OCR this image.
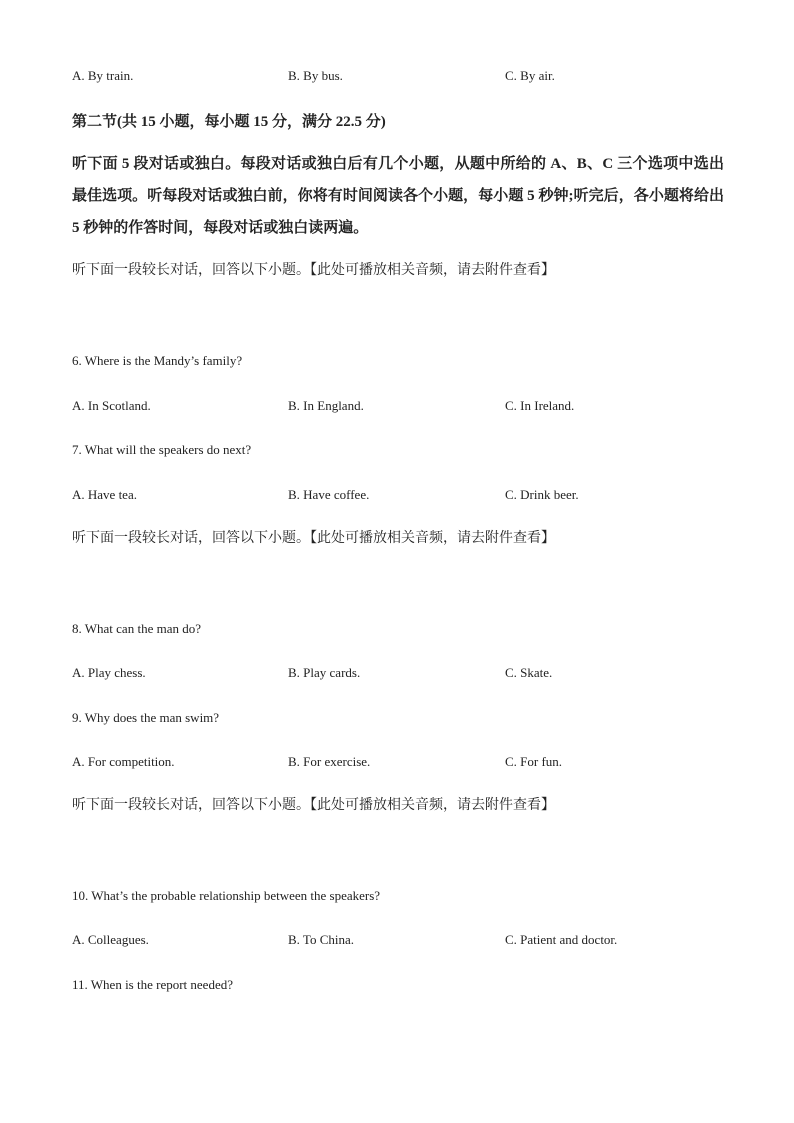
A. By train.	B. By bus.	C. By air.
第二节(共 15 小题，每小题 15 分，满分 22.5 分)
听下面 5 段对话或独白。每段对话或独白后有几个小题，从题中所给的 A、B、C 三个选项中选出最佳选项。听每段对话或独白前，你将有时间阅读各个小题，每小题 5 秒钟;听完后，各小题将给出 5 秒钟的作答时间，每段对话或独白读两遍。
听下面一段较长对话，回答以下小题。【此处可播放相关音频，请去附件查看】
6. Where is the Mandy’s family?
A. In Scotland.	B. In England.	C. In Ireland.
7. What will the speakers do next?
A. Have tea.	B. Have coffee.	C. Drink beer.
听下面一段较长对话，回答以下小题。【此处可播放相关音频，请去附件查看】
8. What can the man do?
A. Play chess.	B. Play cards.	C. Skate.
9. Why does the man swim?
A. For competition.	B. For exercise.	C. For fun.
听下面一段较长对话，回答以下小题。【此处可播放相关音频，请去附件查看】
10. What’s the probable relationship between the speakers?
A. Colleagues.	B. To China.	C. Patient and doctor.
11. When is the report needed?
